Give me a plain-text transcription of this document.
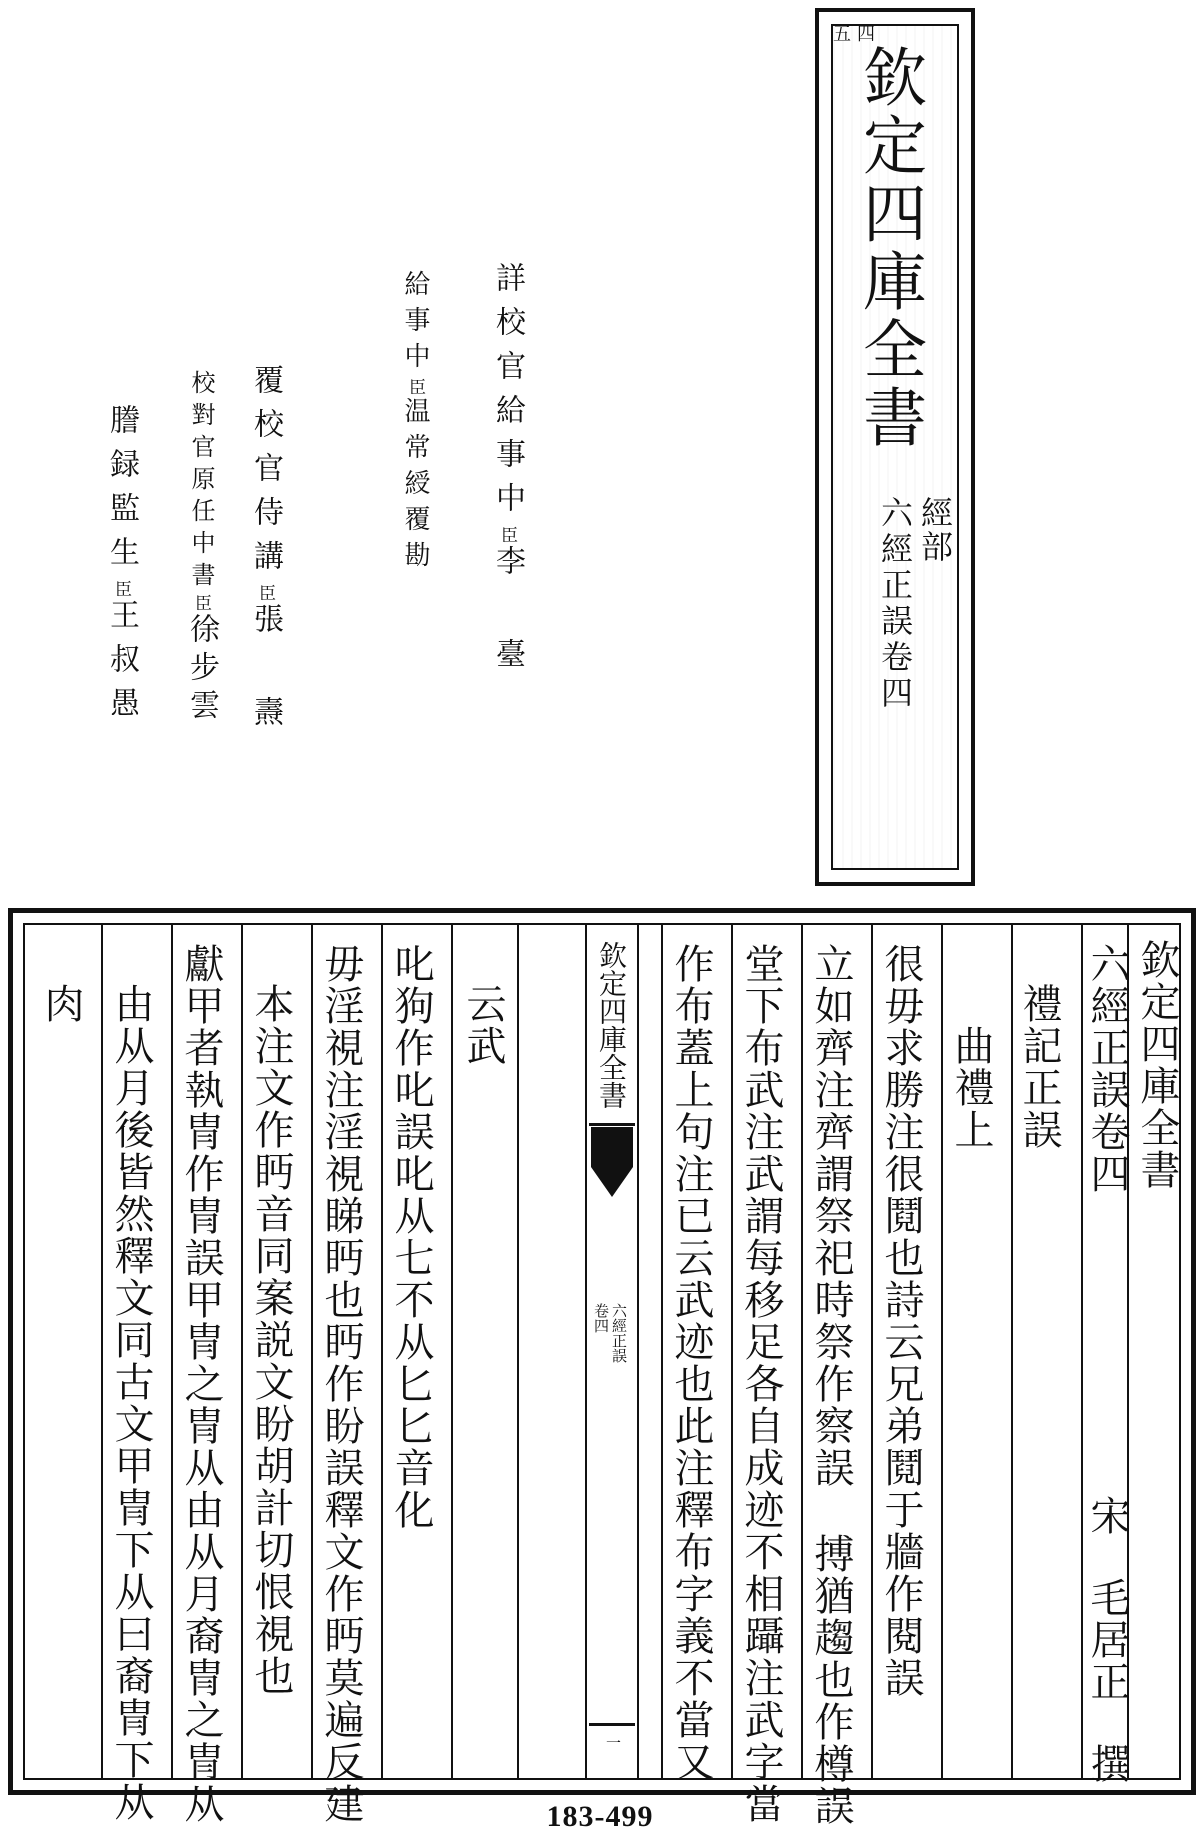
欽定四庫全書
經部
六經正誤卷四
五 四
詳校官給事中臣李 臺
給事中臣温常綬覆勘
覆校官侍講臣張 燾
校對官原任中書臣徐步雲
謄録監生臣王叔愚
欽定四庫全書
六經正誤卷四宋毛居正撰
禮記正誤
曲禮上
很毋求勝注很鬩也詩云兄弟鬩于牆作閱誤
立如齊注齊謂祭祀時祭作察誤搏猶趨也作樽誤
堂下布武注武謂每移足各自成迹不相躡注武字當
作布蓋上句注已云武迹也此注釋布字義不當又
云武
叱狗作叱誤叱从七不从匕匕音化
毋淫視注淫視睇眄也眄作盼誤釋文作眄莫遍反建
本注文作眄音同案説文盼胡計切恨視也
獻甲者執冑作冑誤甲冑之冑从由从月裔冑之冑从
由从月後皆然釋文同古文甲冑下从曰裔冑下从
肉	欽定四庫全書
六經正誤
卷四
一
183-499
